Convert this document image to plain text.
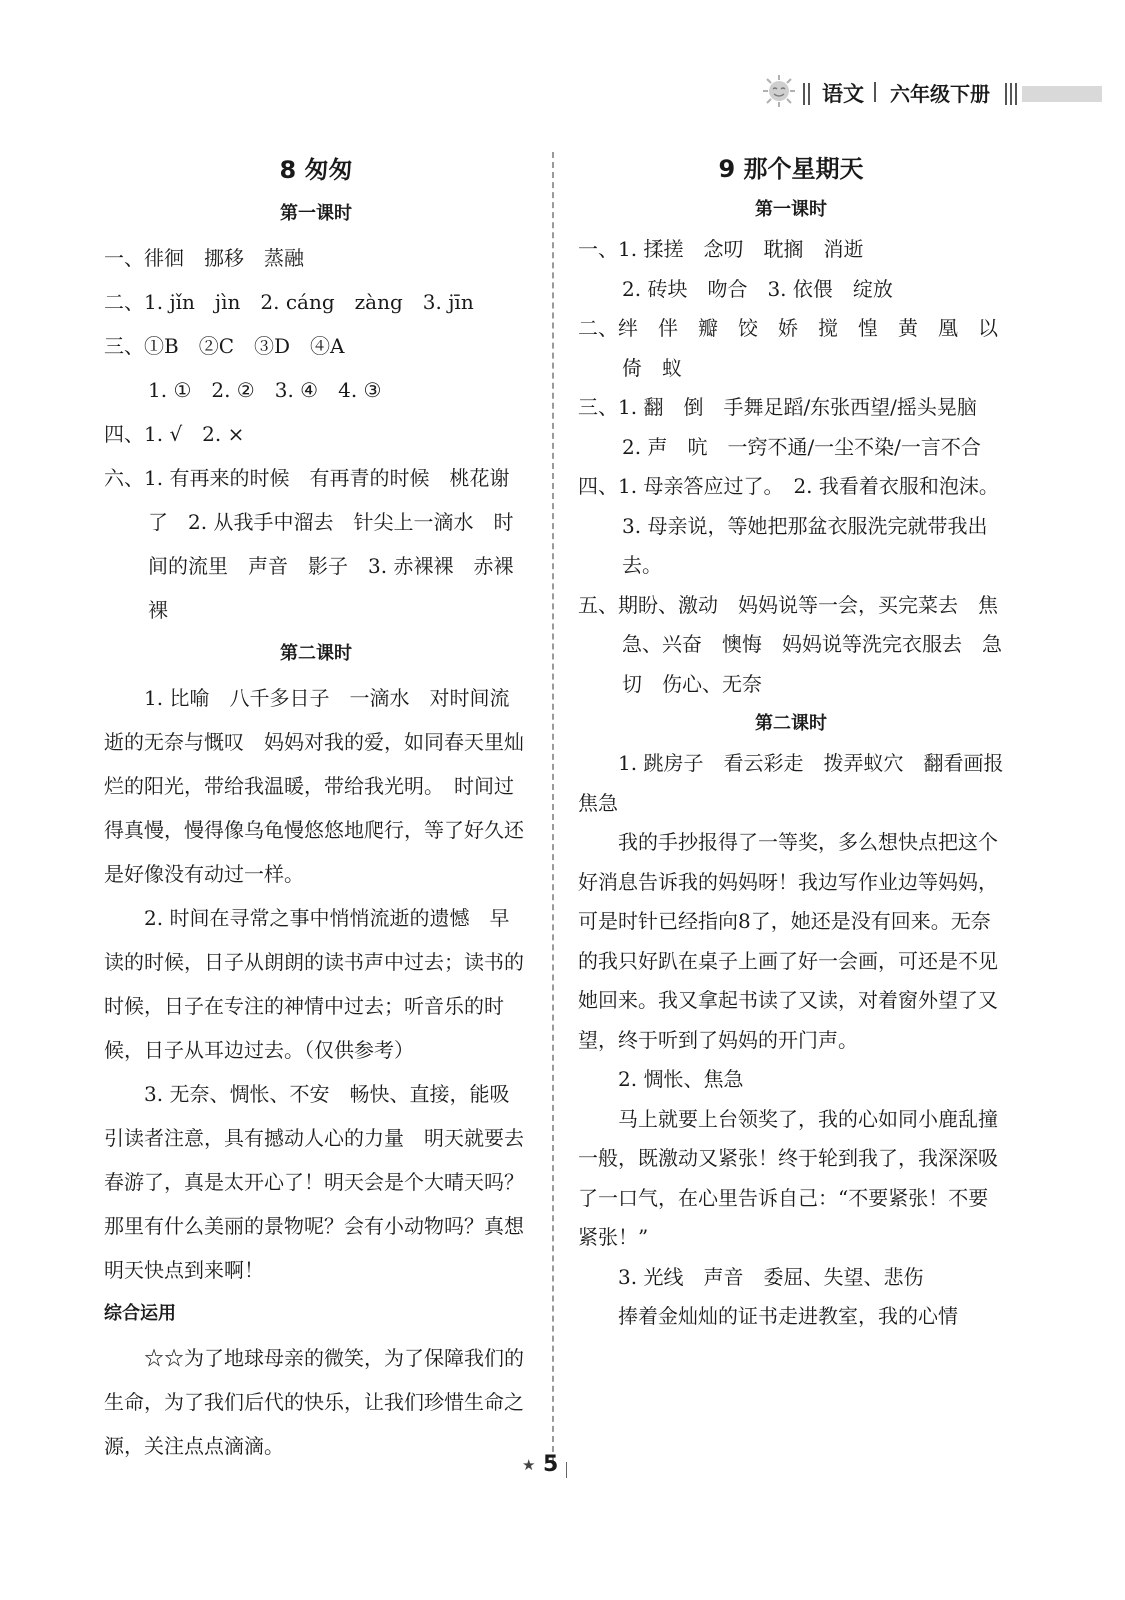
语文 六年级下册
8 匆匆
第一课时
一、徘徊　挪移　蒸融
二、1. jǐn　jìn　2. cáng　zàng　3. jīn
三、①B　②C　③D　④A
1. ①　2. ②　3. ④　4. ③
四、1. √　2. ×
六、1. 有再来的时候　有再青的时候　桃花谢了　2. 从我手中溜去　针尖上一滴水　时间的流里　声音　影子　3. 赤裸裸　赤裸裸
第二课时
1. 比喻　八千多日子　一滴水　对时间流逝的无奈与慨叹　妈妈对我的爱，如同春天里灿烂的阳光，带给我温暖，带给我光明。　时间过得真慢，慢得像乌龟慢悠悠地爬行，等了好久还是好像没有动过一样。
2. 时间在寻常之事中悄悄流逝的遗憾　早读的时候，日子从朗朗的读书声中过去；读书的时候，日子在专注的神情中过去；听音乐的时候，日子从耳边过去。（仅供参考）
3. 无奈、惆怅、不安　畅快、直接，能吸引读者注意，具有撼动人心的力量　明天就要去春游了，真是太开心了！明天会是个大晴天吗？那里有什么美丽的景物呢？会有小动物吗？真想明天快点到来啊！
综合运用
☆☆为了地球母亲的微笑，为了保障我们的生命，为了我们后代的快乐，让我们珍惜生命之源，关注点点滴滴。
9 那个星期天
第一课时
一、1. 揉搓　念叨　耽搁　消逝
2. 砖块　吻合　3. 依偎　绽放
二、绊　伴　瓣　饺　娇　搅　惶　黄　凰　以　倚　蚁
三、1. 翻　倒　手舞足蹈/东张西望/摇头晃脑
2. 声　吭　一窍不通/一尘不染/一言不合
四、1. 母亲答应过了。　2. 我看着衣服和泡沫。　3. 母亲说，等她把那盆衣服洗完就带我出去。
五、期盼、激动　妈妈说等一会，买完菜去　焦急、兴奋　懊悔　妈妈说等洗完衣服去　急切　伤心、无奈
第二课时
1. 跳房子　看云彩走　拨弄蚁穴　翻看画报　焦急
我的手抄报得了一等奖，多么想快点把这个好消息告诉我的妈妈呀！我边写作业边等妈妈，可是时针已经指向8了，她还是没有回来。无奈的我只好趴在桌子上画了好一会画，可还是不见她回来。我又拿起书读了又读，对着窗外望了又望，终于听到了妈妈的开门声。
2. 惆怅、焦急
马上就要上台领奖了，我的心如同小鹿乱撞一般，既激动又紧张！终于轮到我了，我深深吸了一口气，在心里告诉自己：“不要紧张！不要紧张！”
3. 光线　声音　委屈、失望、悲伤
捧着金灿灿的证书走进教室，我的心情
★ 5
